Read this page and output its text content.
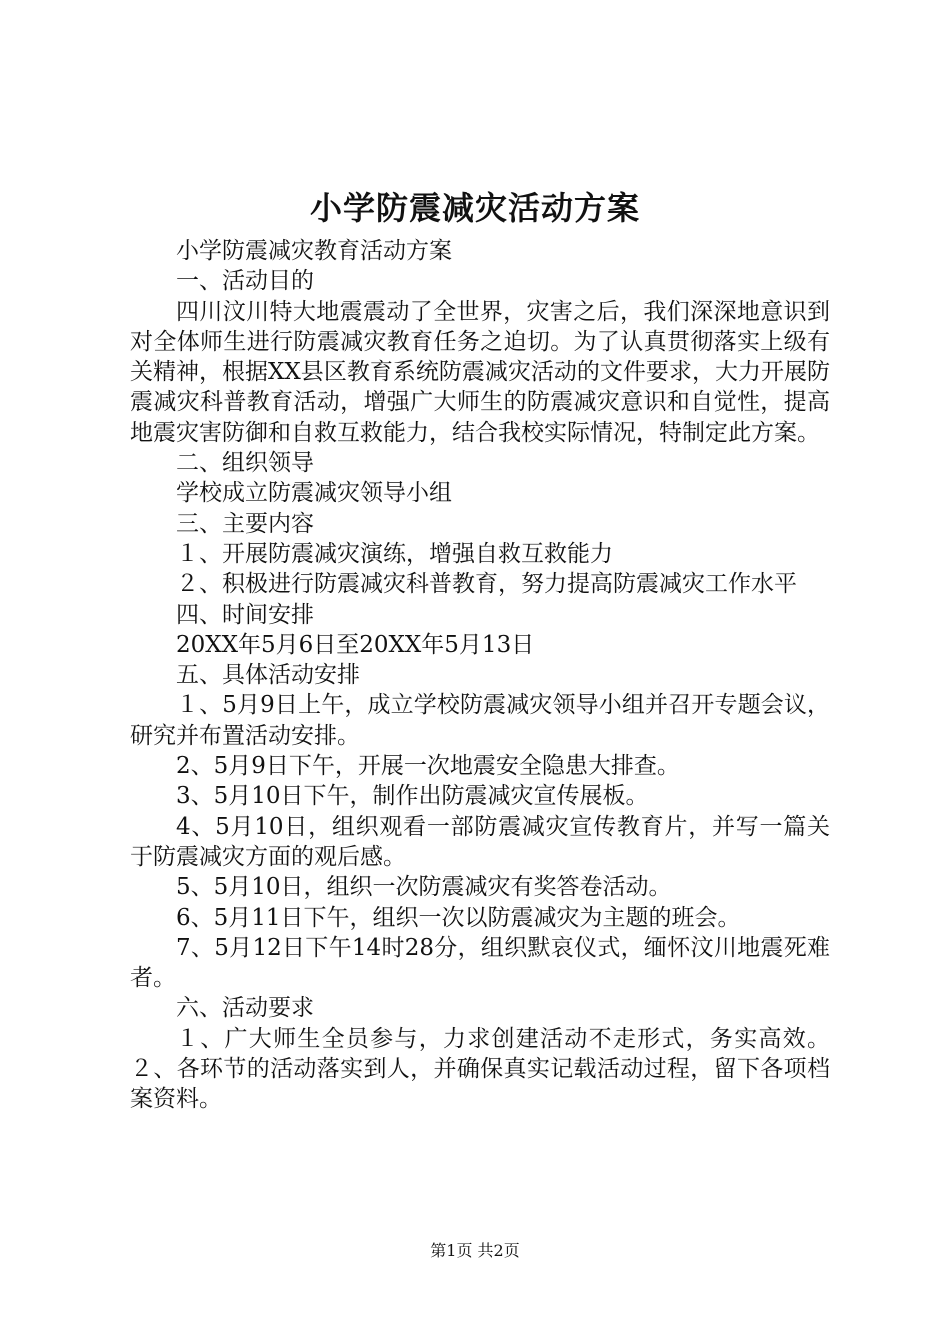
小学防震减灾活动方案

小学防震减灾教育活动方案

一、活动目的

四川汶川特大地震震动了全世界，灾害之后，我们深深地意识到对全体师生进行防震减灾教育任务之迫切。为了认真贯彻落实上级有关精神，根据XX县区教育系统防震减灾活动的文件要求，大力开展防震减灾科普教育活动，增强广大师生的防震减灾意识和自觉性，提高地震灾害防御和自救互救能力，结合我校实际情况，特制定此方案。

二、组织领导

学校成立防震减灾领导小组

三、主要内容

１、开展防震减灾演练，增强自救互救能力

２、积极进行防震减灾科普教育，努力提高防震减灾工作水平

四、时间安排

20XX年5月6日至20XX年5月13日

五、具体活动安排

１、5月9日上午，成立学校防震减灾领导小组并召开专题会议，研究并布置活动安排。

2、5月9日下午，开展一次地震安全隐患大排查。

3、5月10日下午，制作出防震减灾宣传展板。

4、5月10日，组织观看一部防震减灾宣传教育片，并写一篇关于防震减灾方面的观后感。

5、5月10日，组织一次防震减灾有奖答卷活动。

6、5月11日下午，组织一次以防震减灾为主题的班会。

7、5月12日下午14时28分，组织默哀仪式，缅怀汶川地震死难者。

六、活动要求

１、广大师生全员参与，力求创建活动不走形式，务实高效。２、各环节的活动落实到人，并确保真实记载活动过程，留下各项档案资料。

第1页 共2页
